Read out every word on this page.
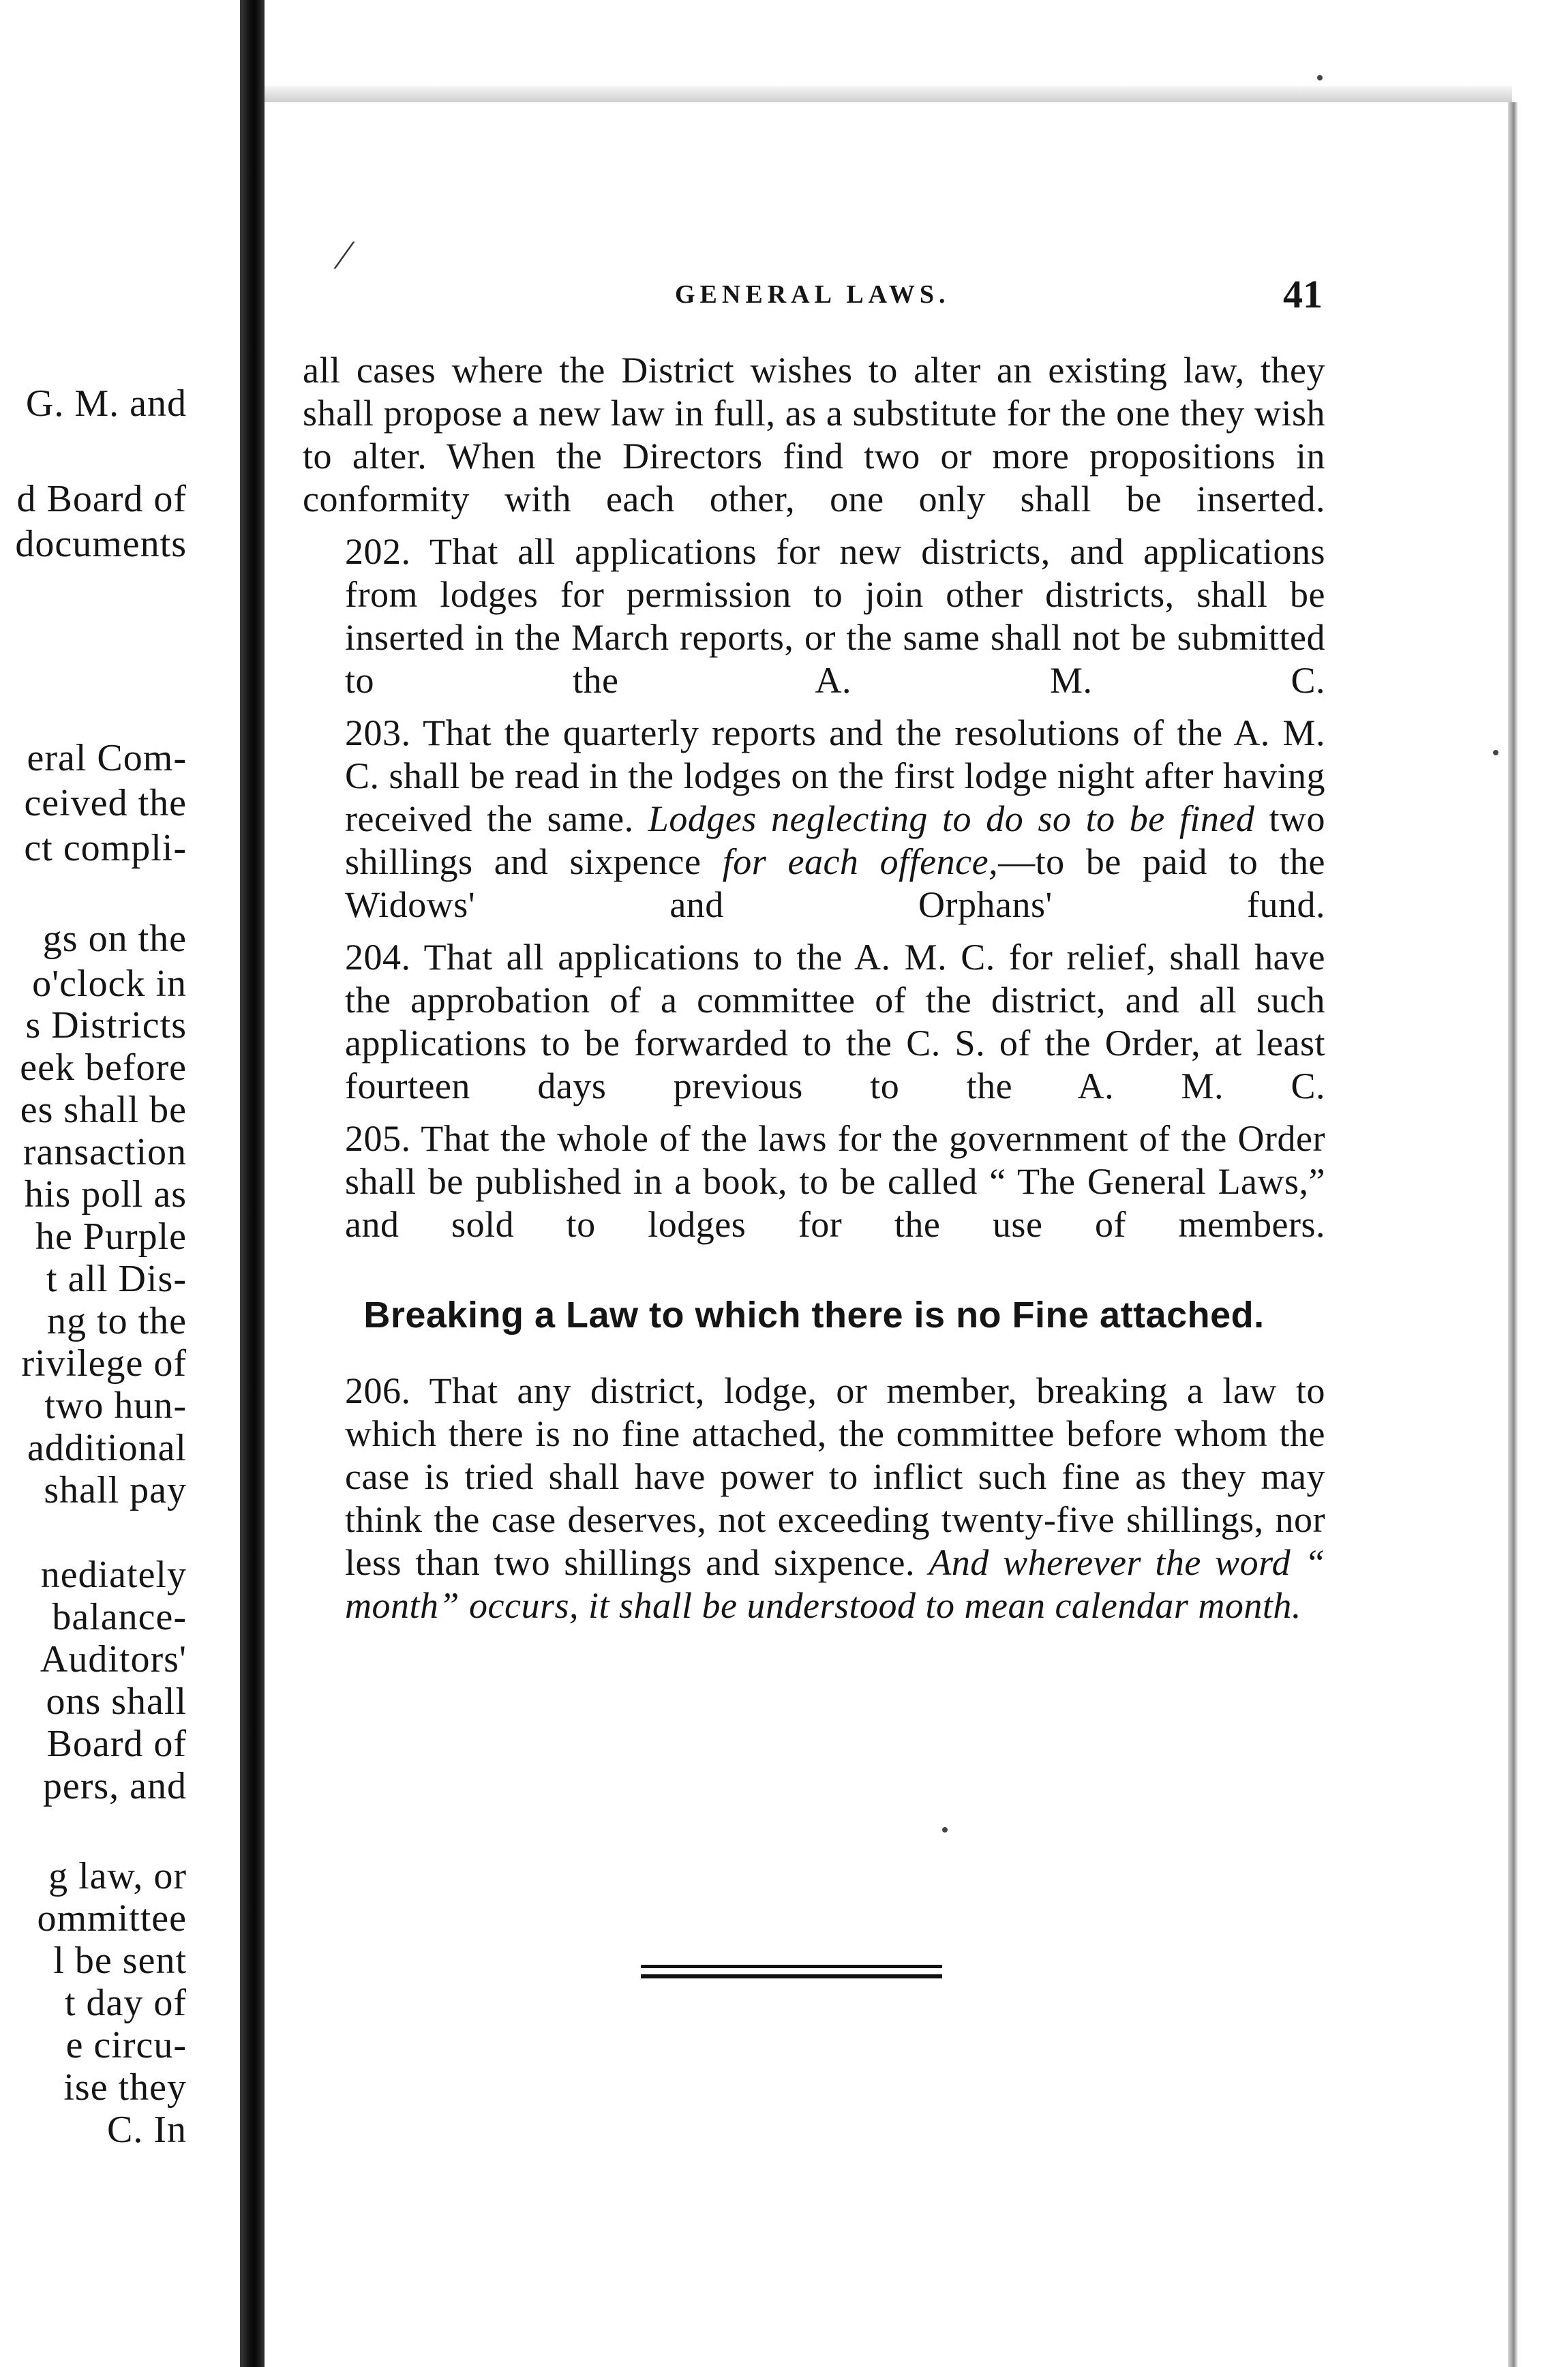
G. M. and
d Board of
documents
eral Com-
ceived the
ct compli-
gs on the
o'clock in
s Districts
eek before
es shall be
ransaction
his poll as
he Purple
t all Dis-
ng to the
rivilege of
two hun-
additional
shall pay
nediately
balance-
Auditors'
ons shall
Board of
pers, and
g law, or
ommittee
l be sent
t day of
e circu-
ise they
C. In
⁄
GENERAL LAWS.	41

all cases where the District wishes to alter an existing law, they shall propose a new law in full, as a substitute for the one they wish to alter. When the Directors find two or more propositions in conformity with each other, one only shall be inserted.

202. That all applications for new districts, and applications from lodges for permission to join other districts, shall be inserted in the March reports, or the same shall not be submitted to the A. M. C.

203. That the quarterly reports and the resolutions of the A. M. C. shall be read in the lodges on the first lodge night after having received the same. Lodges neglecting to do so to be fined two shillings and sixpence for each offence,—to be paid to the Widows' and Orphans' fund.

204. That all applications to the A. M. C. for relief, shall have the approbation of a committee of the district, and all such applications to be forwarded to the C. S. of the Order, at least fourteen days previous to the A. M. C.

205. That the whole of the laws for the government of the Order shall be published in a book, to be called “ The General Laws,” and sold to lodges for the use of members.

Breaking a Law to which there is no Fine attached.

206. That any district, lodge, or member, breaking a law to which there is no fine attached, the committee before whom the case is tried shall have power to inflict such fine as they may think the case deserves, not exceeding twenty-five shillings, nor less than two shillings and sixpence. And wherever the word “ month” occurs, it shall be understood to mean calendar month.
